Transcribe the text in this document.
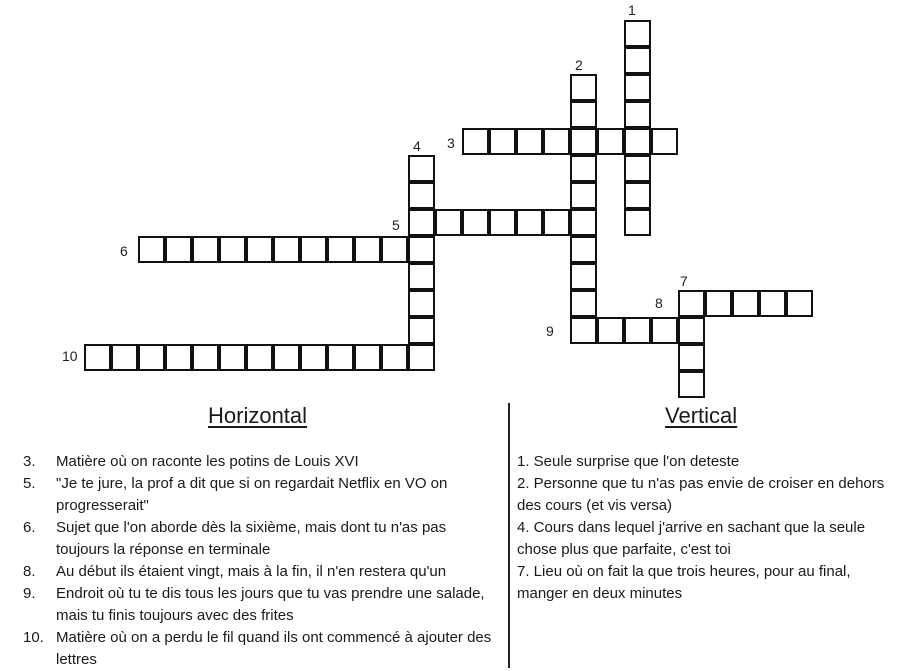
1
2
3
4
5
6
7
8
9
10
Horizontal	Vertical
3.	Matière où on raconte les potins de Louis XVI
5.	"Je te jure, la prof a dit que si on regardait Netflix en VO on progresserait"
6.	Sujet que l'on aborde dès la sixième, mais dont tu n'as pas toujours la réponse en terminale
8.	Au début ils étaient vingt, mais à la fin, il n'en restera qu'un
9.	Endroit où tu te dis tous les jours que tu vas prendre une salade, mais tu finis toujours avec des frites
10. Matière où on a perdu le fil quand ils ont commencé à ajouter des lettres
1. Seule surprise que l'on deteste
2. Personne que tu n'as pas envie de croiser en dehors des cours (et vis versa)
4. Cours dans lequel j'arrive en sachant que la seule chose plus que parfaite, c'est toi
7. Lieu où on fait la que trois heures, pour au final, manger en deux minutes
